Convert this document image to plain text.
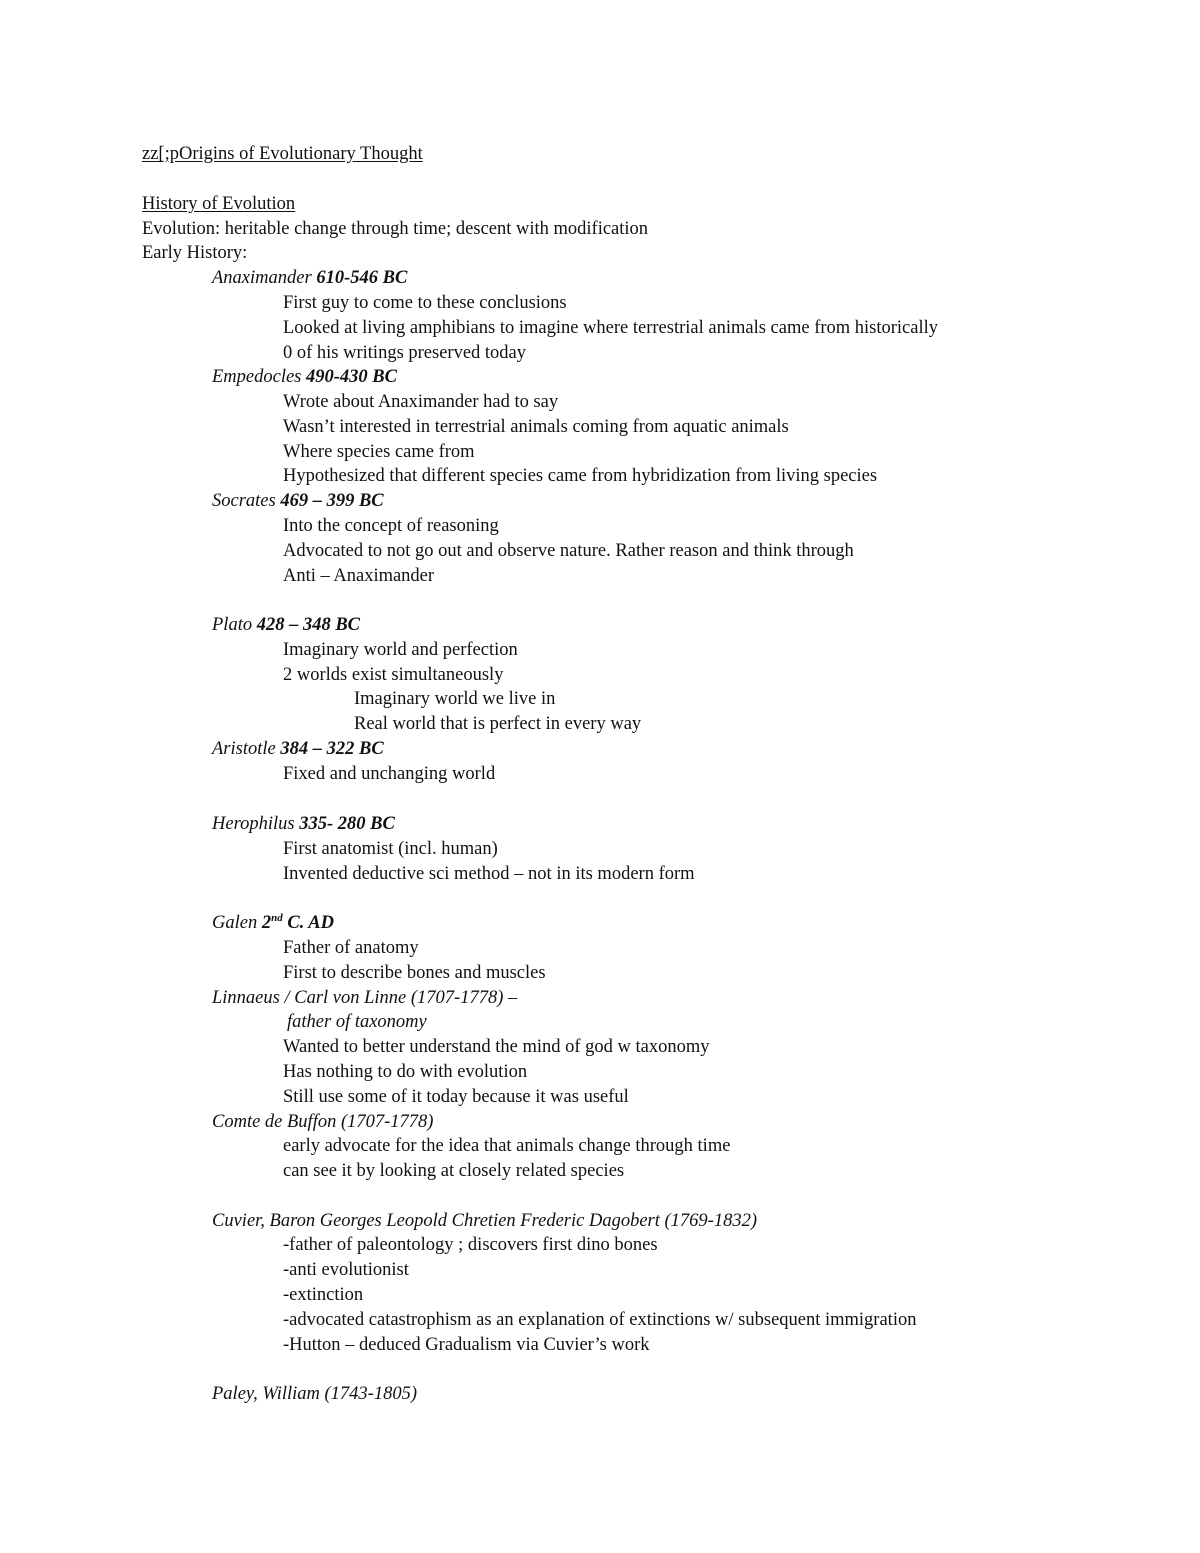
zz[;pOrigins of Evolutionary Thought
History of Evolution
Evolution: heritable change through time; descent with modification
Early History:
Anaximander 610-546 BC
First guy to come to these conclusions
Looked at living amphibians to imagine where terrestrial animals came from historically
0 of his writings preserved today
Empedocles 490-430 BC
Wrote about Anaximander had to say
Wasn’t interested in terrestrial animals coming from aquatic animals
Where species came from
Hypothesized that different species came from hybridization from living species
Socrates 469 – 399 BC
Into the concept of reasoning
Advocated to not go out and observe nature. Rather reason and think through
Anti – Anaximander
Plato 428 – 348 BC
Imaginary world and perfection
2 worlds exist simultaneously
Imaginary world we live in
Real world that is perfect in every way
Aristotle 384 – 322 BC
Fixed and unchanging world
Herophilus 335- 280 BC
First anatomist (incl. human)
Invented deductive sci method – not in its modern form
Galen 2nd C. AD
Father of anatomy
First to describe bones and muscles
Linnaeus / Carl von Linne (1707-1778) –
father of taxonomy
Wanted to better understand the mind of god w taxonomy
Has nothing to do with evolution
Still use some of it today because it was useful
Comte de Buffon (1707-1778)
early advocate for the idea that animals change through time
can see it by looking at closely related species
Cuvier, Baron Georges Leopold Chretien Frederic Dagobert (1769-1832)
-father of paleontology ; discovers first dino bones
-anti evolutionist
-extinction
-advocated catastrophism as an explanation of extinctions w/ subsequent immigration
-Hutton – deduced Gradualism via Cuvier’s work
Paley, William (1743-1805)
